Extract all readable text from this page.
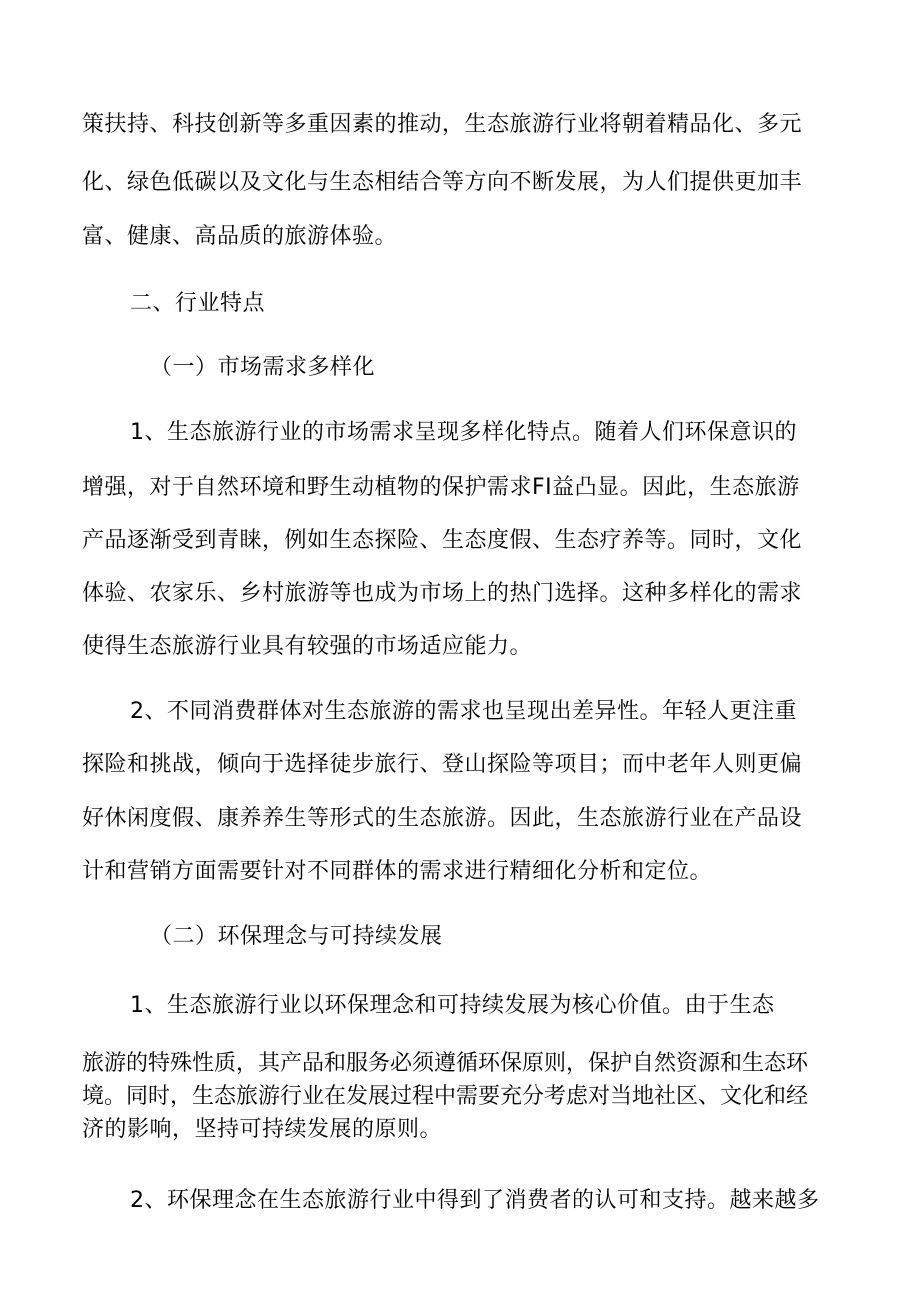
策扶持、科技创新等多重因素的推动，生态旅游行业将朝着精品化、多元

化、绿色低碳以及文化与生态相结合等方向不断发展，为人们提供更加丰

富、健康、高品质的旅游体验。

二、行业特点

（一）市场需求多样化

1、生态旅游行业的市场需求呈现多样化特点。随着人们环保意识的

增强，对于自然环境和野生动植物的保护需求FI益凸显。因此，生态旅游

产品逐渐受到青睐，例如生态探险、生态度假、生态疗养等。同时，文化

体验、农家乐、乡村旅游等也成为市场上的热门选择。这种多样化的需求

使得生态旅游行业具有较强的市场适应能力。

2、不同消费群体对生态旅游的需求也呈现出差异性。年轻人更注重

探险和挑战，倾向于选择徒步旅行、登山探险等项目；而中老年人则更偏

好休闲度假、康养养生等形式的生态旅游。因此，生态旅游行业在产品设

计和营销方面需要针对不同群体的需求进行精细化分析和定位。

（二）环保理念与可持续发展

1、生态旅游行业以环保理念和可持续发展为核心价值。由于生态

旅游的特殊性质，其产品和服务必须遵循环保原则，保护自然资源和生态环

境。同时，生态旅游行业在发展过程中需要充分考虑对当地社区、文化和经

济的影响，坚持可持续发展的原则。

2、环保理念在生态旅游行业中得到了消费者的认可和支持。越来越多
